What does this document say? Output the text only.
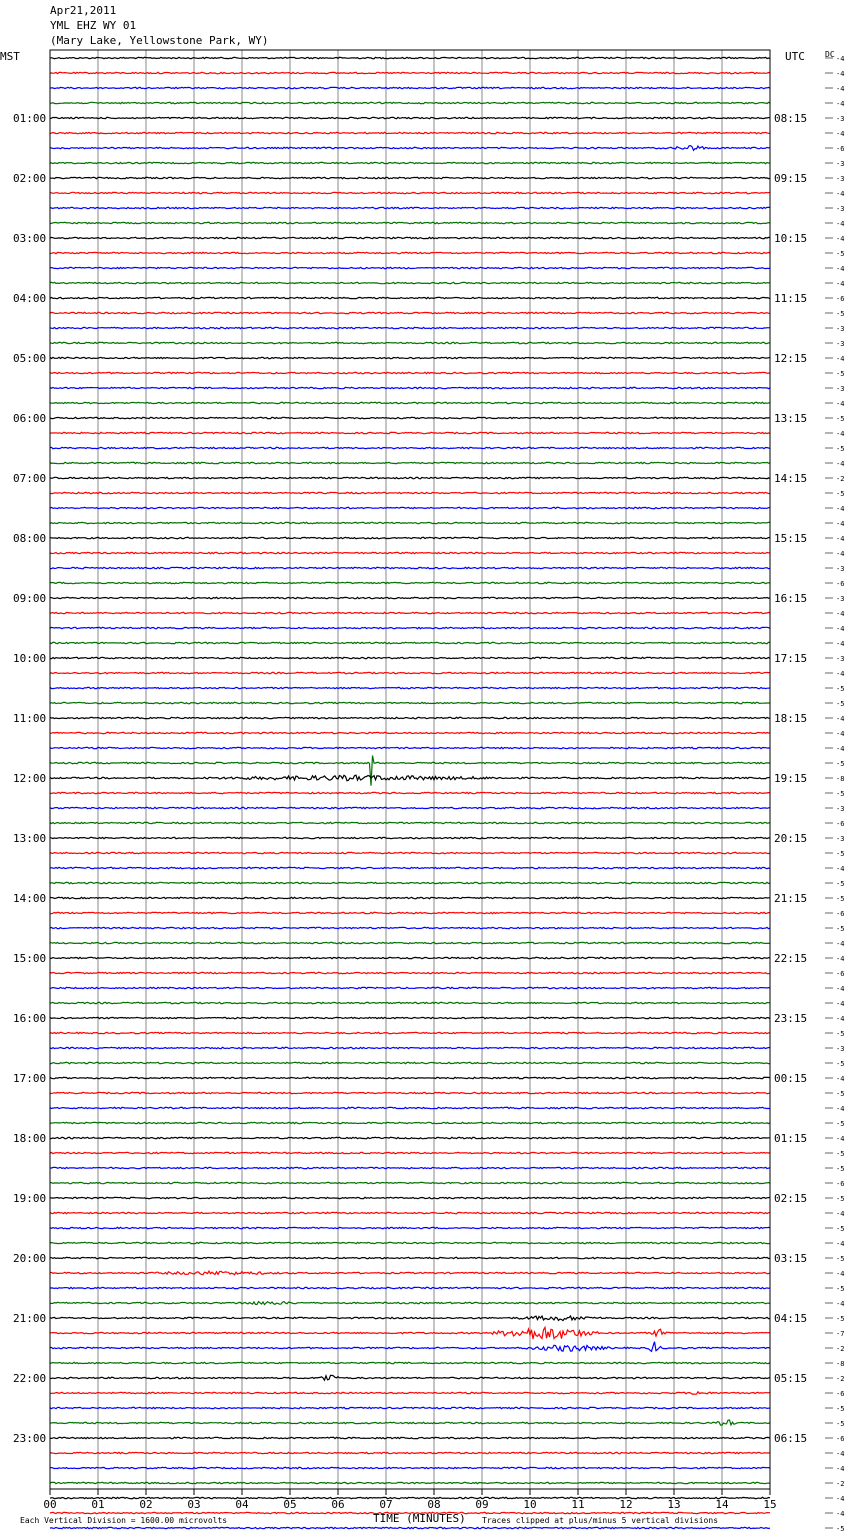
01:00
02:00
03:00
04:00
05:00
06:00
07:00
08:00
09:00
10:00
11:00
12:00
13:00
14:00
15:00
16:00
17:00
18:00
19:00
20:00
21:00
22:00
23:00
08:15
09:15
10:15
11:15
12:15
13:15
14:15
15:15
16:15
17:15
18:15
19:15
20:15
21:15
22:15
23:15
00:15
01:15
02:15
03:15
04:15
05:15
06:15
-4
-4
-4
-4
-3
-4
-6
-3
-3
-4
-3
-4
-4
-5
-4
-4
-6
-5
-3
-3
-4
-5
-3
-4
-5
-4
-5
-4
-2
-5
-4
-4
-4
-4
-3
-6
-3
-4
-4
-4
-3
-4
-5
-5
-4
-4
-4
-5
-8
-5
-3
-6
-3
-5
-4
-5
-5
-6
-5
-4
-4
-6
-4
-4
-4
-5
-3
-5
-4
-5
-4
-5
-4
-5
-5
-6
-5
-4
-5
-4
-5
-4
-5
-4
-5
-7
-2
-8
-2
-6
-5
-5
-6
-4
-4
-2
-4
-4
-5
00	01	02	03	04	05	06	07	08	09	10	11	12	13	14	15
MST	UTC	DC
Each Vertical Division = 1600.00 microvolts	TIME (MINUTES) Traces clipped at plus/minus 5 vertical divisions
Apr21,2011
YML EHZ WY 01
(Mary Lake, Yellowstone Park, WY)
